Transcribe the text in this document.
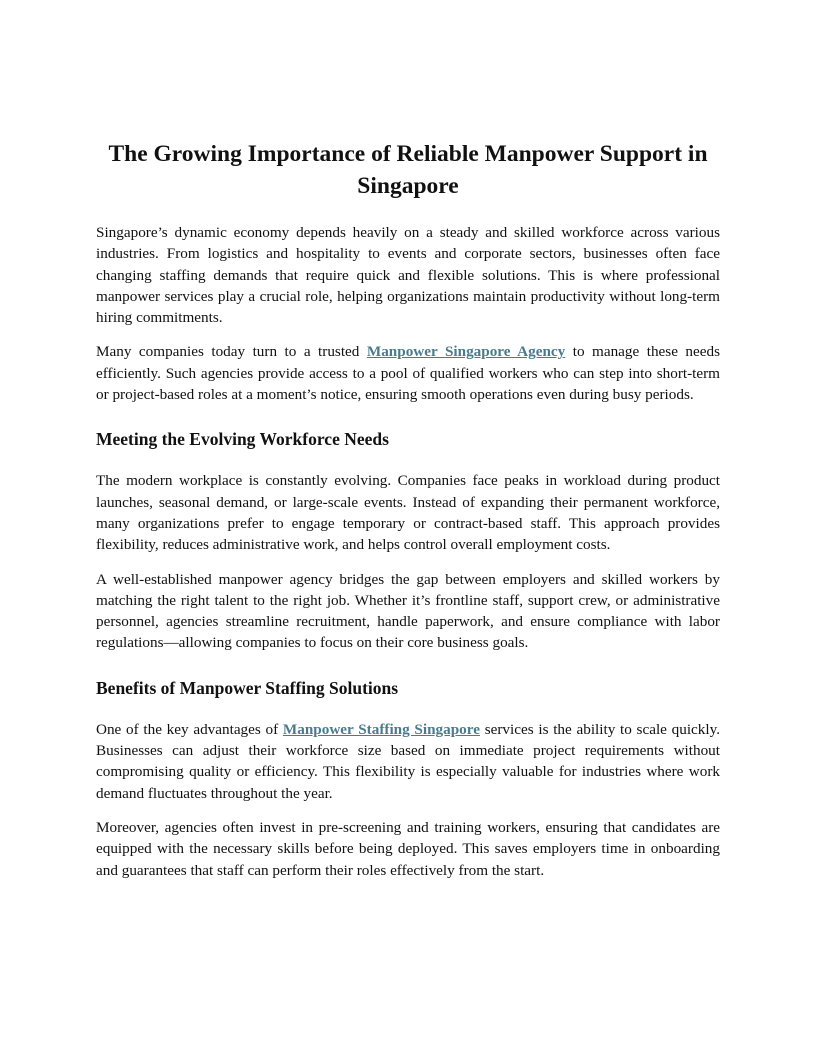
The Growing Importance of Reliable Manpower Support in Singapore

Singapore’s dynamic economy depends heavily on a steady and skilled workforce across various industries. From logistics and hospitality to events and corporate sectors, businesses often face changing staffing demands that require quick and flexible solutions. This is where professional manpower services play a crucial role, helping organizations maintain productivity without long-term hiring commitments.

Many companies today turn to a trusted Manpower Singapore Agency to manage these needs efficiently. Such agencies provide access to a pool of qualified workers who can step into short-term or project-based roles at a moment’s notice, ensuring smooth operations even during busy periods.

Meeting the Evolving Workforce Needs

The modern workplace is constantly evolving. Companies face peaks in workload during product launches, seasonal demand, or large-scale events. Instead of expanding their permanent workforce, many organizations prefer to engage temporary or contract-based staff. This approach provides flexibility, reduces administrative work, and helps control overall employment costs.

A well-established manpower agency bridges the gap between employers and skilled workers by matching the right talent to the right job. Whether it’s frontline staff, support crew, or administrative personnel, agencies streamline recruitment, handle paperwork, and ensure compliance with labor regulations—allowing companies to focus on their core business goals.

Benefits of Manpower Staffing Solutions

One of the key advantages of Manpower Staffing Singapore services is the ability to scale quickly. Businesses can adjust their workforce size based on immediate project requirements without compromising quality or efficiency. This flexibility is especially valuable for industries where work demand fluctuates throughout the year.

Moreover, agencies often invest in pre-screening and training workers, ensuring that candidates are equipped with the necessary skills before being deployed. This saves employers time in onboarding and guarantees that staff can perform their roles effectively from the start.
